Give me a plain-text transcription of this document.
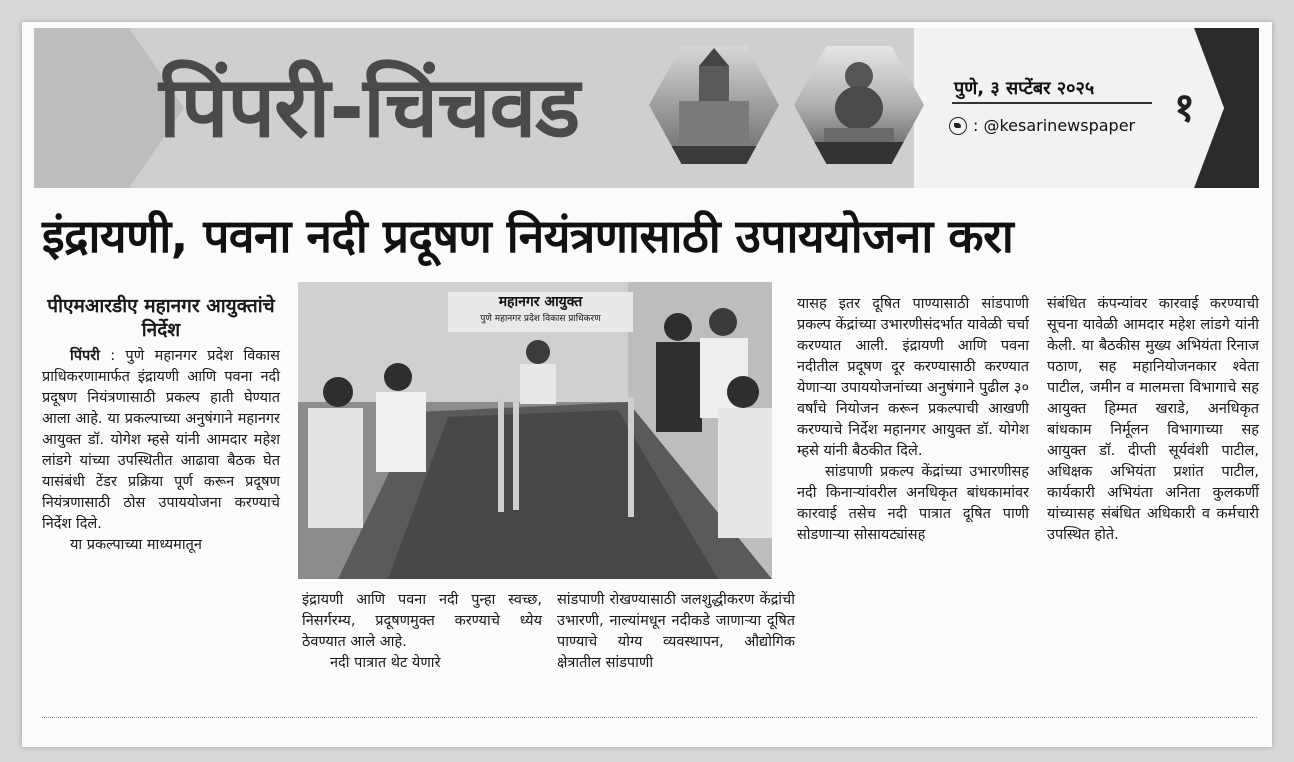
पिंपरी-चिंचवड	पुणे, ३ सप्टेंबर २०२५
: @kesarinewspaper १
इंद्रायणी, पवना नदी प्रदूषण नियंत्रणासाठी उपाययोजना करा
पीएमआरडीए महानगर आयुक्तांचे निर्देश

पिंपरी : पुणे महानगर प्रदेश विकास प्राधिकरणामार्फत इंद्रायणी आणि पवना नदी प्रदूषण नियंत्रणासाठी प्रकल्प हाती घेण्यात आला आहे. या प्रकल्पाच्या अनुषंगाने महानगर आयुक्त डॉ. योगेश म्हसे यांनी आमदार महेश लांडगे यांच्या उपस्थितीत आढावा बैठक घेत यासंबंधी टेंडर प्रक्रिया पूर्ण करून प्रदूषण नियंत्रणासाठी ठोस उपाययोजना करण्याचे निर्देश दिले.

या प्रकल्पाच्या माध्यमातून

महानगर आयुक्त
पुणे महानगर प्रदेश विकास प्राधिकरण

इंद्रायणी आणि पवना नदी पुन्हा स्वच्छ, निसर्गरम्य, प्रदूषणमुक्त करण्याचे ध्येय ठेवण्यात आले आहे.

नदी पात्रात थेट येणारे

सांडपाणी रोखण्यासाठी जलशुद्धीकरण केंद्रांची उभारणी, नाल्यांमधून नदीकडे जाणाऱ्या दूषित पाण्याचे योग्य व्यवस्थापन, औद्योगिक क्षेत्रातील सांडपाणी

यासह इतर दूषित पाण्यासाठी सांडपाणी प्रकल्प केंद्रांच्या उभारणीसंदर्भात यावेळी चर्चा करण्यात आली. इंद्रायणी आणि पवना नदीतील प्रदूषण दूर करण्यासाठी करण्यात येणाऱ्या उपाययोजनांच्या अनुषंगाने पुढील ३० वर्षांचे नियोजन करून प्रकल्पाची आखणी करण्याचे निर्देश महानगर आयुक्त डॉ. योगेश म्हसे यांनी बैठकीत दिले.

सांडपाणी प्रकल्प केंद्रांच्या उभारणीसह नदी किनाऱ्यांवरील अनधिकृत बांधकामांवर कारवाई तसेच नदी पात्रात दूषित पाणी सोडणाऱ्या सोसायट्यांसह

संबंधित कंपन्यांवर कारवाई करण्याची सूचना यावेळी आमदार महेश लांडगे यांनी केली. या बैठकीस मुख्य अभियंता रिनाज पठाण, सह महानियोजनकार श्वेता पाटील, जमीन व मालमत्ता विभागाचे सह आयुक्त हिम्मत खराडे, अनधिकृत बांधकाम निर्मूलन विभागाच्या सह आयुक्त डॉ. दीप्ती सूर्यवंशी पाटील, अधिक्षक अभियंता प्रशांत पाटील, कार्यकारी अभियंता अनिता कुलकर्णी यांच्यासह संबंधित अधिकारी व कर्मचारी उपस्थित होते.
